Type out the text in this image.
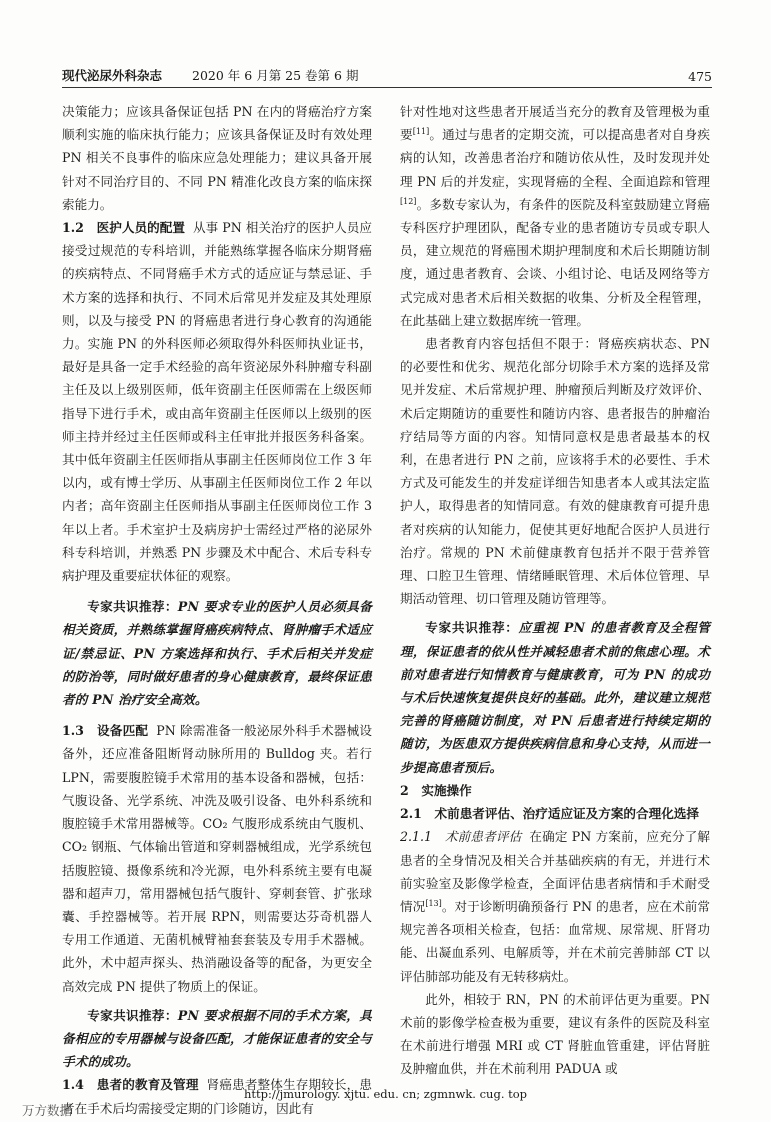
现代泌尿外科杂志 2020 年 6 月第 25 卷第 6 期	475

决策能力；应该具备保证包括 PN 在内的肾癌治疗方案顺利实施的临床执行能力；应该具备保证及时有效处理 PN 相关不良事件的临床应急处理能力；建议具备开展针对不同治疗目的、不同 PN 精准化改良方案的临床探索能力。

1.2　医护人员的配置 从事 PN 相关治疗的医护人员应接受过规范的专科培训，并能熟练掌握各临床分期肾癌的疾病特点、不同肾癌手术方式的适应证与禁忌证、手术方案的选择和执行、不同术后常见并发症及其处理原则，以及与接受 PN 的肾癌患者进行身心教育的沟通能力。实施 PN 的外科医师必须取得外科医师执业证书，最好是具备一定手术经验的高年资泌尿外科肿瘤专科副主任及以上级别医师，低年资副主任医师需在上级医师指导下进行手术，或由高年资副主任医师以上级别的医师主持并经过主任医师或科主任审批并报医务科备案。其中低年资副主任医师指从事副主任医师岗位工作 3 年以内，或有博士学历、从事副主任医师岗位工作 2 年以内者；高年资副主任医师指从事副主任医师岗位工作 3 年以上者。手术室护士及病房护士需经过严格的泌尿外科专科培训，并熟悉 PN 步骤及术中配合、术后专科专病护理及重要症状体征的观察。

专家共识推荐：PN 要求专业的医护人员必须具备相关资质，并熟练掌握肾癌疾病特点、肾肿瘤手术适应证/禁忌证、PN 方案选择和执行、手术后相关并发症的防治等，同时做好患者的身心健康教育，最终保证患者的 PN 治疗安全高效。

1.3　设备匹配 PN 除需准备一般泌尿外科手术器械设备外，还应准备阻断肾动脉所用的 Bulldog 夹。若行 LPN，需要腹腔镜手术常用的基本设备和器械，包括：气腹设备、光学系统、冲洗及吸引设备、电外科系统和腹腔镜手术常用器械等。CO₂ 气腹形成系统由气腹机、CO₂ 钢瓶、气体输出管道和穿刺器械组成，光学系统包括腹腔镜、摄像系统和冷光源，电外科系统主要有电凝器和超声刀，常用器械包括气腹针、穿刺套管、扩张球囊、手控器械等。若开展 RPN，则需要达芬奇机器人专用工作通道、无菌机械臂袖套套装及专用手术器械。此外，术中超声探头、热消融设备等的配备，为更安全高效完成 PN 提供了物质上的保证。

专家共识推荐：PN 要求根据不同的手术方案，具备相应的专用器械与设备匹配，才能保证患者的安全与手术的成功。

1.4　患者的教育及管理 肾癌患者整体生存期较长，患者在手术后均需接受定期的门诊随访，因此有

针对性地对这些患者开展适当充分的教育及管理极为重要[11]。通过与患者的定期交流，可以提高患者对自身疾病的认知，改善患者治疗和随访依从性，及时发现并处理 PN 后的并发症，实现肾癌的全程、全面追踪和管理[12]。多数专家认为，有条件的医院及科室鼓励建立肾癌专科医疗护理团队，配备专业的患者随访专员或专职人员，建立规范的肾癌围术期护理制度和术后长期随访制度，通过患者教育、会谈、小组讨论、电话及网络等方式完成对患者术后相关数据的收集、分析及全程管理，在此基础上建立数据库统一管理。

患者教育内容包括但不限于：肾癌疾病状态、PN 的必要性和优劣、规范化部分切除手术方案的选择及常见并发症、术后常规护理、肿瘤预后判断及疗效评价、术后定期随访的重要性和随访内容、患者报告的肿瘤治疗结局等方面的内容。知情同意权是患者最基本的权利，在患者进行 PN 之前，应该将手术的必要性、手术方式及可能发生的并发症详细告知患者本人或其法定监护人，取得患者的知情同意。有效的健康教育可提升患者对疾病的认知能力，促使其更好地配合医护人员进行治疗。常规的 PN 术前健康教育包括并不限于营养管理、口腔卫生管理、情绪睡眠管理、术后体位管理、早期活动管理、切口管理及随访管理等。

专家共识推荐：应重视 PN 的患者教育及全程管理，保证患者的依从性并减轻患者术前的焦虑心理。术前对患者进行知情教育与健康教育，可为 PN 的成功与术后快速恢复提供良好的基础。此外，建议建立规范完善的肾癌随访制度，对 PN 后患者进行持续定期的随访，为医患双方提供疾病信息和身心支持，从而进一步提高患者预后。

2　实施操作

2.1　术前患者评估、治疗适应证及方案的合理化选择

2.1.1　术前患者评估 在确定 PN 方案前，应充分了解患者的全身情况及相关合并基础疾病的有无，并进行术前实验室及影像学检查，全面评估患者病情和手术耐受情况[13]。对于诊断明确预备行 PN 的患者，应在术前常规完善各项相关检查，包括：血常规、尿常规、肝肾功能、出凝血系列、电解质等，并在术前完善肺部 CT 以评估肺部功能及有无转移病灶。

此外，相较于 RN，PN 的术前评估更为重要。PN 术前的影像学检查极为重要，建议有条件的医院及科室在术前进行增强 MRI 或 CT 肾脏血管重建，评估肾脏及肿瘤血供，并在术前利用 PADUA 或

http://jmurology. xjtu. edu. cn; zgmnwk. cug. top
万方数据
